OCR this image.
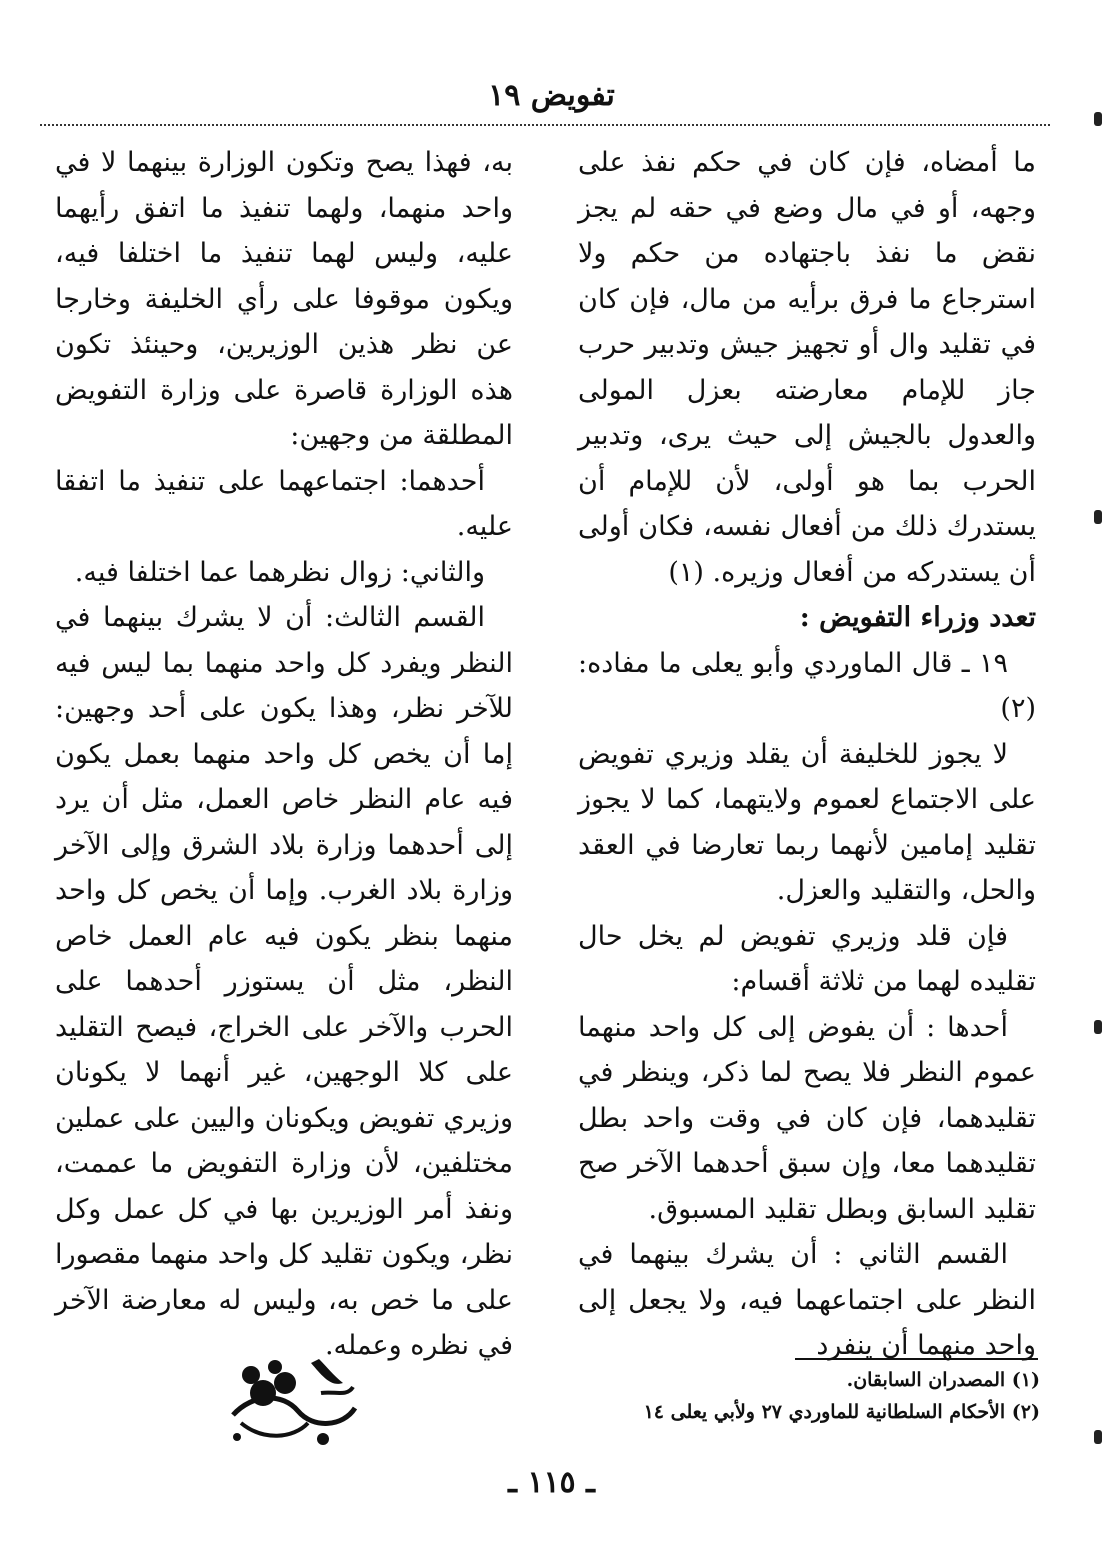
تفويض ١٩

ما أمضاه، فإن كان في حكم نفذ على وجهه، أو في مال وضع في حقه لم يجز نقض ما نفذ باجتهاده من حكم ولا استرجاع ما فرق برأيه من مال، فإن كان في تقليد وال أو تجهيز جيش وتدبير حرب جاز للإمام معارضته بعزل المولى والعدول بالجيش إلى حيث يرى، وتدبير الحرب بما هو أولى، لأن للإمام أن يستدرك ذلك من أفعال نفسه، فكان أولى أن يستدركه من أفعال وزيره. (١)

تعدد وزراء التفويض :

١٩ ـ قال الماوردي وأبو يعلى ما مفاده: (٢)

لا يجوز للخليفة أن يقلد وزيري تفويض على الاجتماع لعموم ولايتهما، كما لا يجوز تقليد إمامين لأنهما ربما تعارضا في العقد والحل، والتقليد والعزل.

فإن قلد وزيري تفويض لم يخل حال تقليده لهما من ثلاثة أقسام:

أحدها : أن يفوض إلى كل واحد منهما عموم النظر فلا يصح لما ذكر، وينظر في تقليدهما، فإن كان في وقت واحد بطل تقليدهما معا، وإن سبق أحدهما الآخر صح تقليد السابق وبطل تقليد المسبوق.

القسم الثاني : أن يشرك بينهما في النظر على اجتماعهما فيه، ولا يجعل إلى واحد منهما أن ينفرد

به، فهذا يصح وتكون الوزارة بينهما لا في واحد منهما، ولهما تنفيذ ما اتفق رأيهما عليه، وليس لهما تنفيذ ما اختلفا فيه، ويكون موقوفا على رأي الخليفة وخارجا عن نظر هذين الوزيرين، وحينئذ تكون هذه الوزارة قاصرة على وزارة التفويض المطلقة من وجهين:

أحدهما: اجتماعهما على تنفيذ ما اتفقا عليه.

والثاني: زوال نظرهما عما اختلفا فيه.

القسم الثالث: أن لا يشرك بينهما في النظر ويفرد كل واحد منهما بما ليس فيه للآخر نظر، وهذا يكون على أحد وجهين: إما أن يخص كل واحد منهما بعمل يكون فيه عام النظر خاص العمل، مثل أن يرد إلى أحدهما وزارة بلاد الشرق وإلى الآخر وزارة بلاد الغرب. وإما أن يخص كل واحد منهما بنظر يكون فيه عام العمل خاص النظر، مثل أن يستوزر أحدهما على الحرب والآخر على الخراج، فيصح التقليد على كلا الوجهين، غير أنهما لا يكونان وزيري تفويض ويكونان واليين على عملين مختلفين، لأن وزارة التفويض ما عممت، ونفذ أمر الوزيرين بها في كل عمل وكل نظر، ويكون تقليد كل واحد منهما مقصورا على ما خص به، وليس له معارضة الآخر في نظره وعمله.

(١) المصدران السابقان.

(٢) الأحكام السلطانية للماوردي ٢٧ ولأبي يعلى ١٤

ـ ١١٥ ـ
